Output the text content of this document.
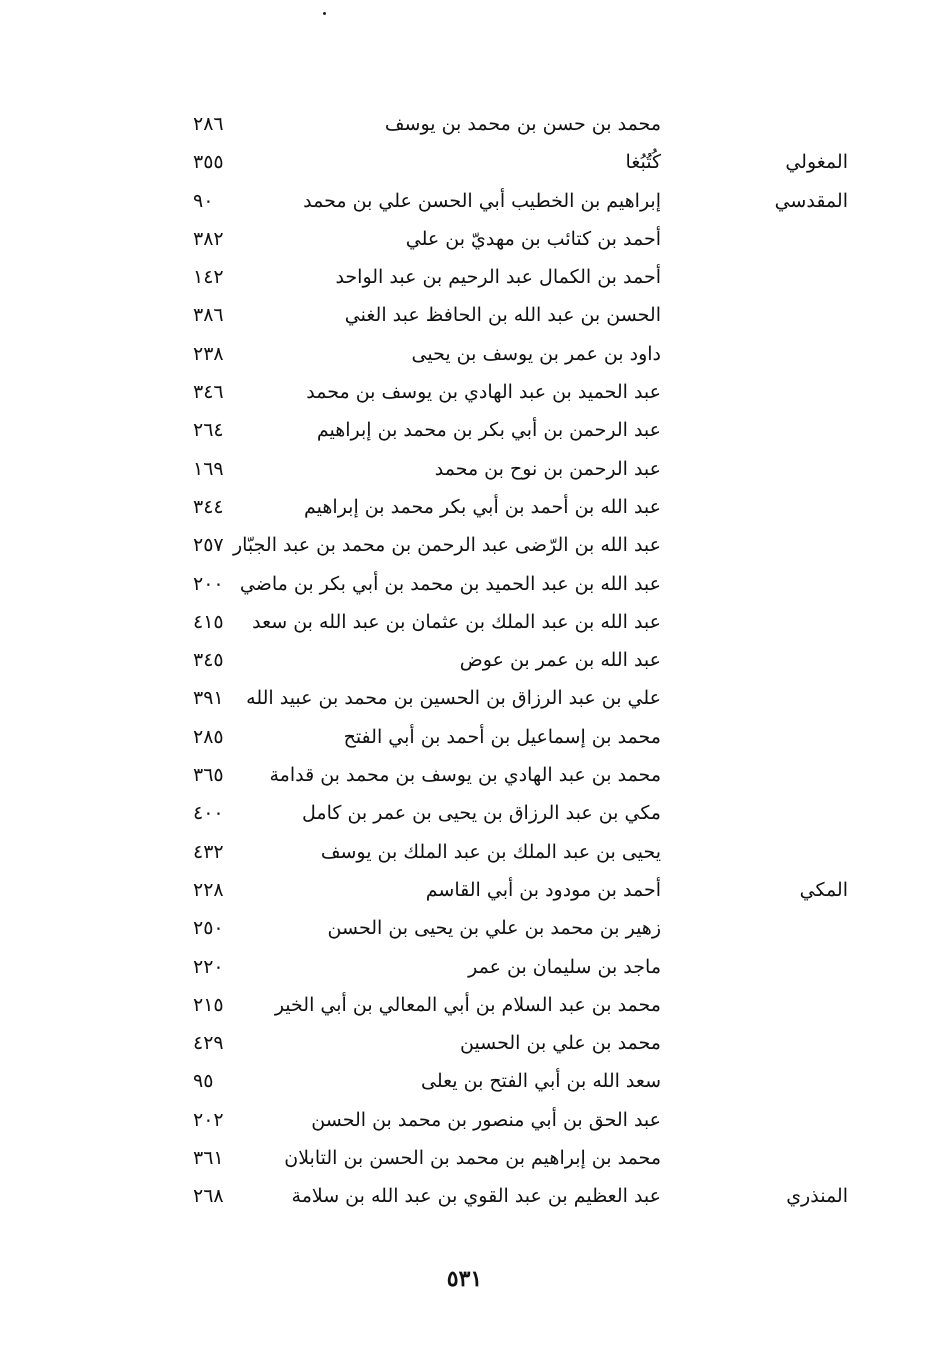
محمد بن حسن بن محمد بن يوسف
٢٨٦
المغولي
كُتُبُغا
٣٥٥
المقدسي
إبراهيم بن الخطيب أبي الحسن علي بن محمد
٩٠
أحمد بن كتائب بن مهديّ بن علي
٣٨٢
أحمد بن الكمال عبد الرحيم بن عبد الواحد
١٤٢
الحسن بن عبد الله بن الحافظ عبد الغني
٣٨٦
داود بن عمر بن يوسف بن يحيى
٢٣٨
عبد الحميد بن عبد الهادي بن يوسف بن محمد
٣٤٦
عبد الرحمن بن أبي بكر بن محمد بن إبراهيم
٢٦٤
عبد الرحمن بن نوح بن محمد
١٦٩
عبد الله بن أحمد بن أبي بكر محمد بن إبراهيم
٣٤٤
عبد الله بن الرّضى عبد الرحمن بن محمد بن عبد الجبّار
٢٥٧
عبد الله بن عبد الحميد بن محمد بن أبي بكر بن ماضي
٢٠٠
عبد الله بن عبد الملك بن عثمان بن عبد الله بن سعد
٤١٥
عبد الله بن عمر بن عوض
٣٤٥
علي بن عبد الرزاق بن الحسين بن محمد بن عبيد الله
٣٩١
محمد بن إسماعيل بن أحمد بن أبي الفتح
٢٨٥
محمد بن عبد الهادي بن يوسف بن محمد بن قدامة
٣٦٥
مكي بن عبد الرزاق بن يحيى بن عمر بن كامل
٤٠٠
يحيى بن عبد الملك بن عبد الملك بن يوسف
٤٣٢
المكي
أحمد بن مودود بن أبي القاسم
٢٢٨
زهير بن محمد بن علي بن يحيى بن الحسن
٢٥٠
ماجد بن سليمان بن عمر
٢٢٠
محمد بن عبد السلام بن أبي المعالي بن أبي الخير
٢١٥
محمد بن علي بن الحسين
٤٢٩
سعد الله بن أبي الفتح بن يعلى
٩٥
عبد الحق بن أبي منصور بن محمد بن الحسن
٢٠٢
محمد بن إبراهيم بن محمد بن الحسن بن التابلان
٣٦١
المنذري
عبد العظيم بن عبد القوي بن عبد الله بن سلامة
٢٦٨
٥٣١
